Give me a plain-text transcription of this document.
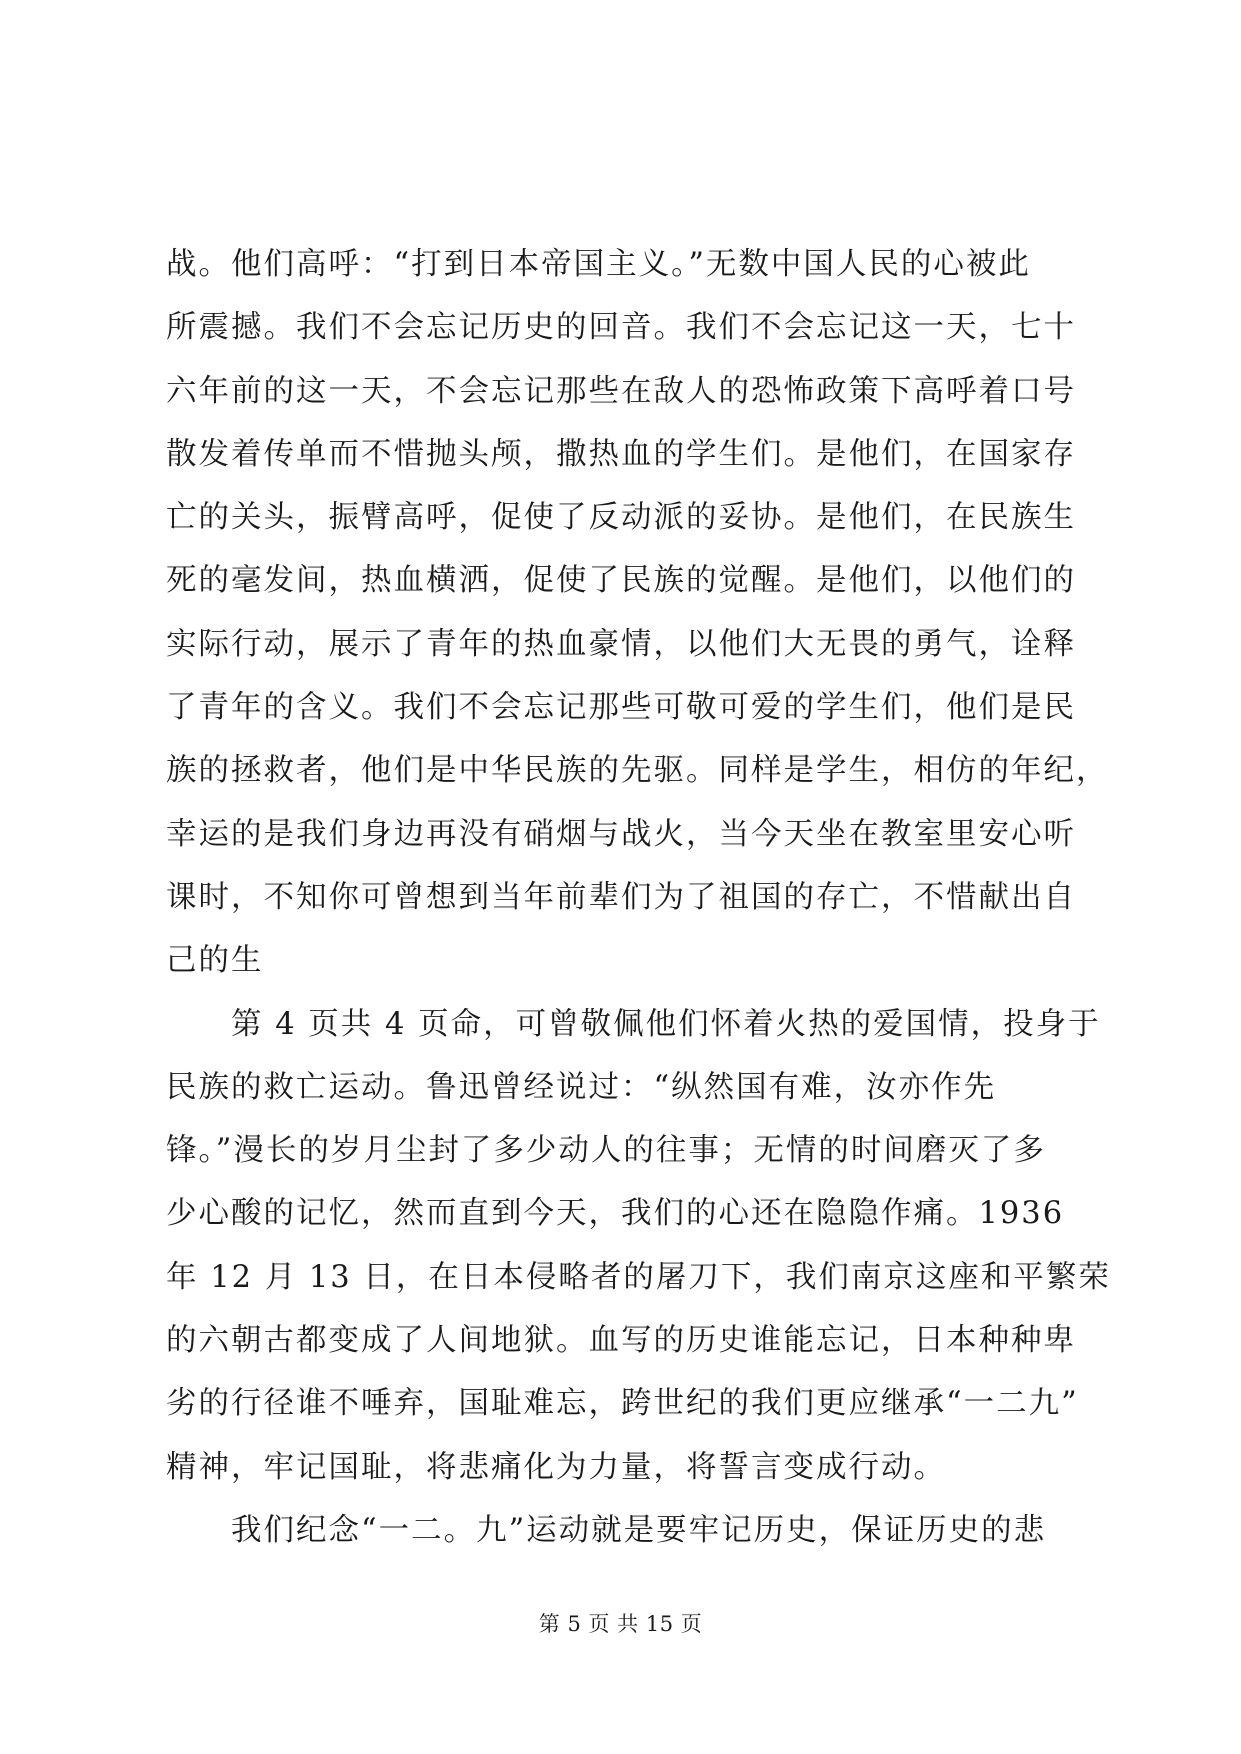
战。他们高呼：“打到日本帝国主义。”无数中国人民的心被此
所震撼。我们不会忘记历史的回音。我们不会忘记这一天，七十
六年前的这一天，不会忘记那些在敌人的恐怖政策下高呼着口号
散发着传单而不惜抛头颅，撒热血的学生们。是他们，在国家存
亡的关头，振臂高呼，促使了反动派的妥协。是他们，在民族生
死的毫发间，热血横洒，促使了民族的觉醒。是他们，以他们的
实际行动，展示了青年的热血豪情，以他们大无畏的勇气，诠释
了青年的含义。我们不会忘记那些可敬可爱的学生们，他们是民
族的拯救者，他们是中华民族的先驱。同样是学生，相仿的年纪，
幸运的是我们身边再没有硝烟与战火，当今天坐在教室里安心听
课时，不知你可曾想到当年前辈们为了祖国的存亡，不惜献出自
己的生
第 4 页共 4 页命，可曾敬佩他们怀着火热的爱国情，投身于
民族的救亡运动。鲁迅曾经说过：“纵然国有难，汝亦作先
锋。”漫长的岁月尘封了多少动人的往事；无情的时间磨灭了多
少心酸的记忆，然而直到今天，我们的心还在隐隐作痛。1936
年 12 月 13 日，在日本侵略者的屠刀下，我们南京这座和平繁荣
的六朝古都变成了人间地狱。血写的历史谁能忘记，日本种种卑
劣的行径谁不唾弃，国耻难忘，跨世纪的我们更应继承“一二九”
精神，牢记国耻，将悲痛化为力量，将誓言变成行动。
我们纪念“一二。九”运动就是要牢记历史，保证历史的悲
第 5 页 共 15 页
